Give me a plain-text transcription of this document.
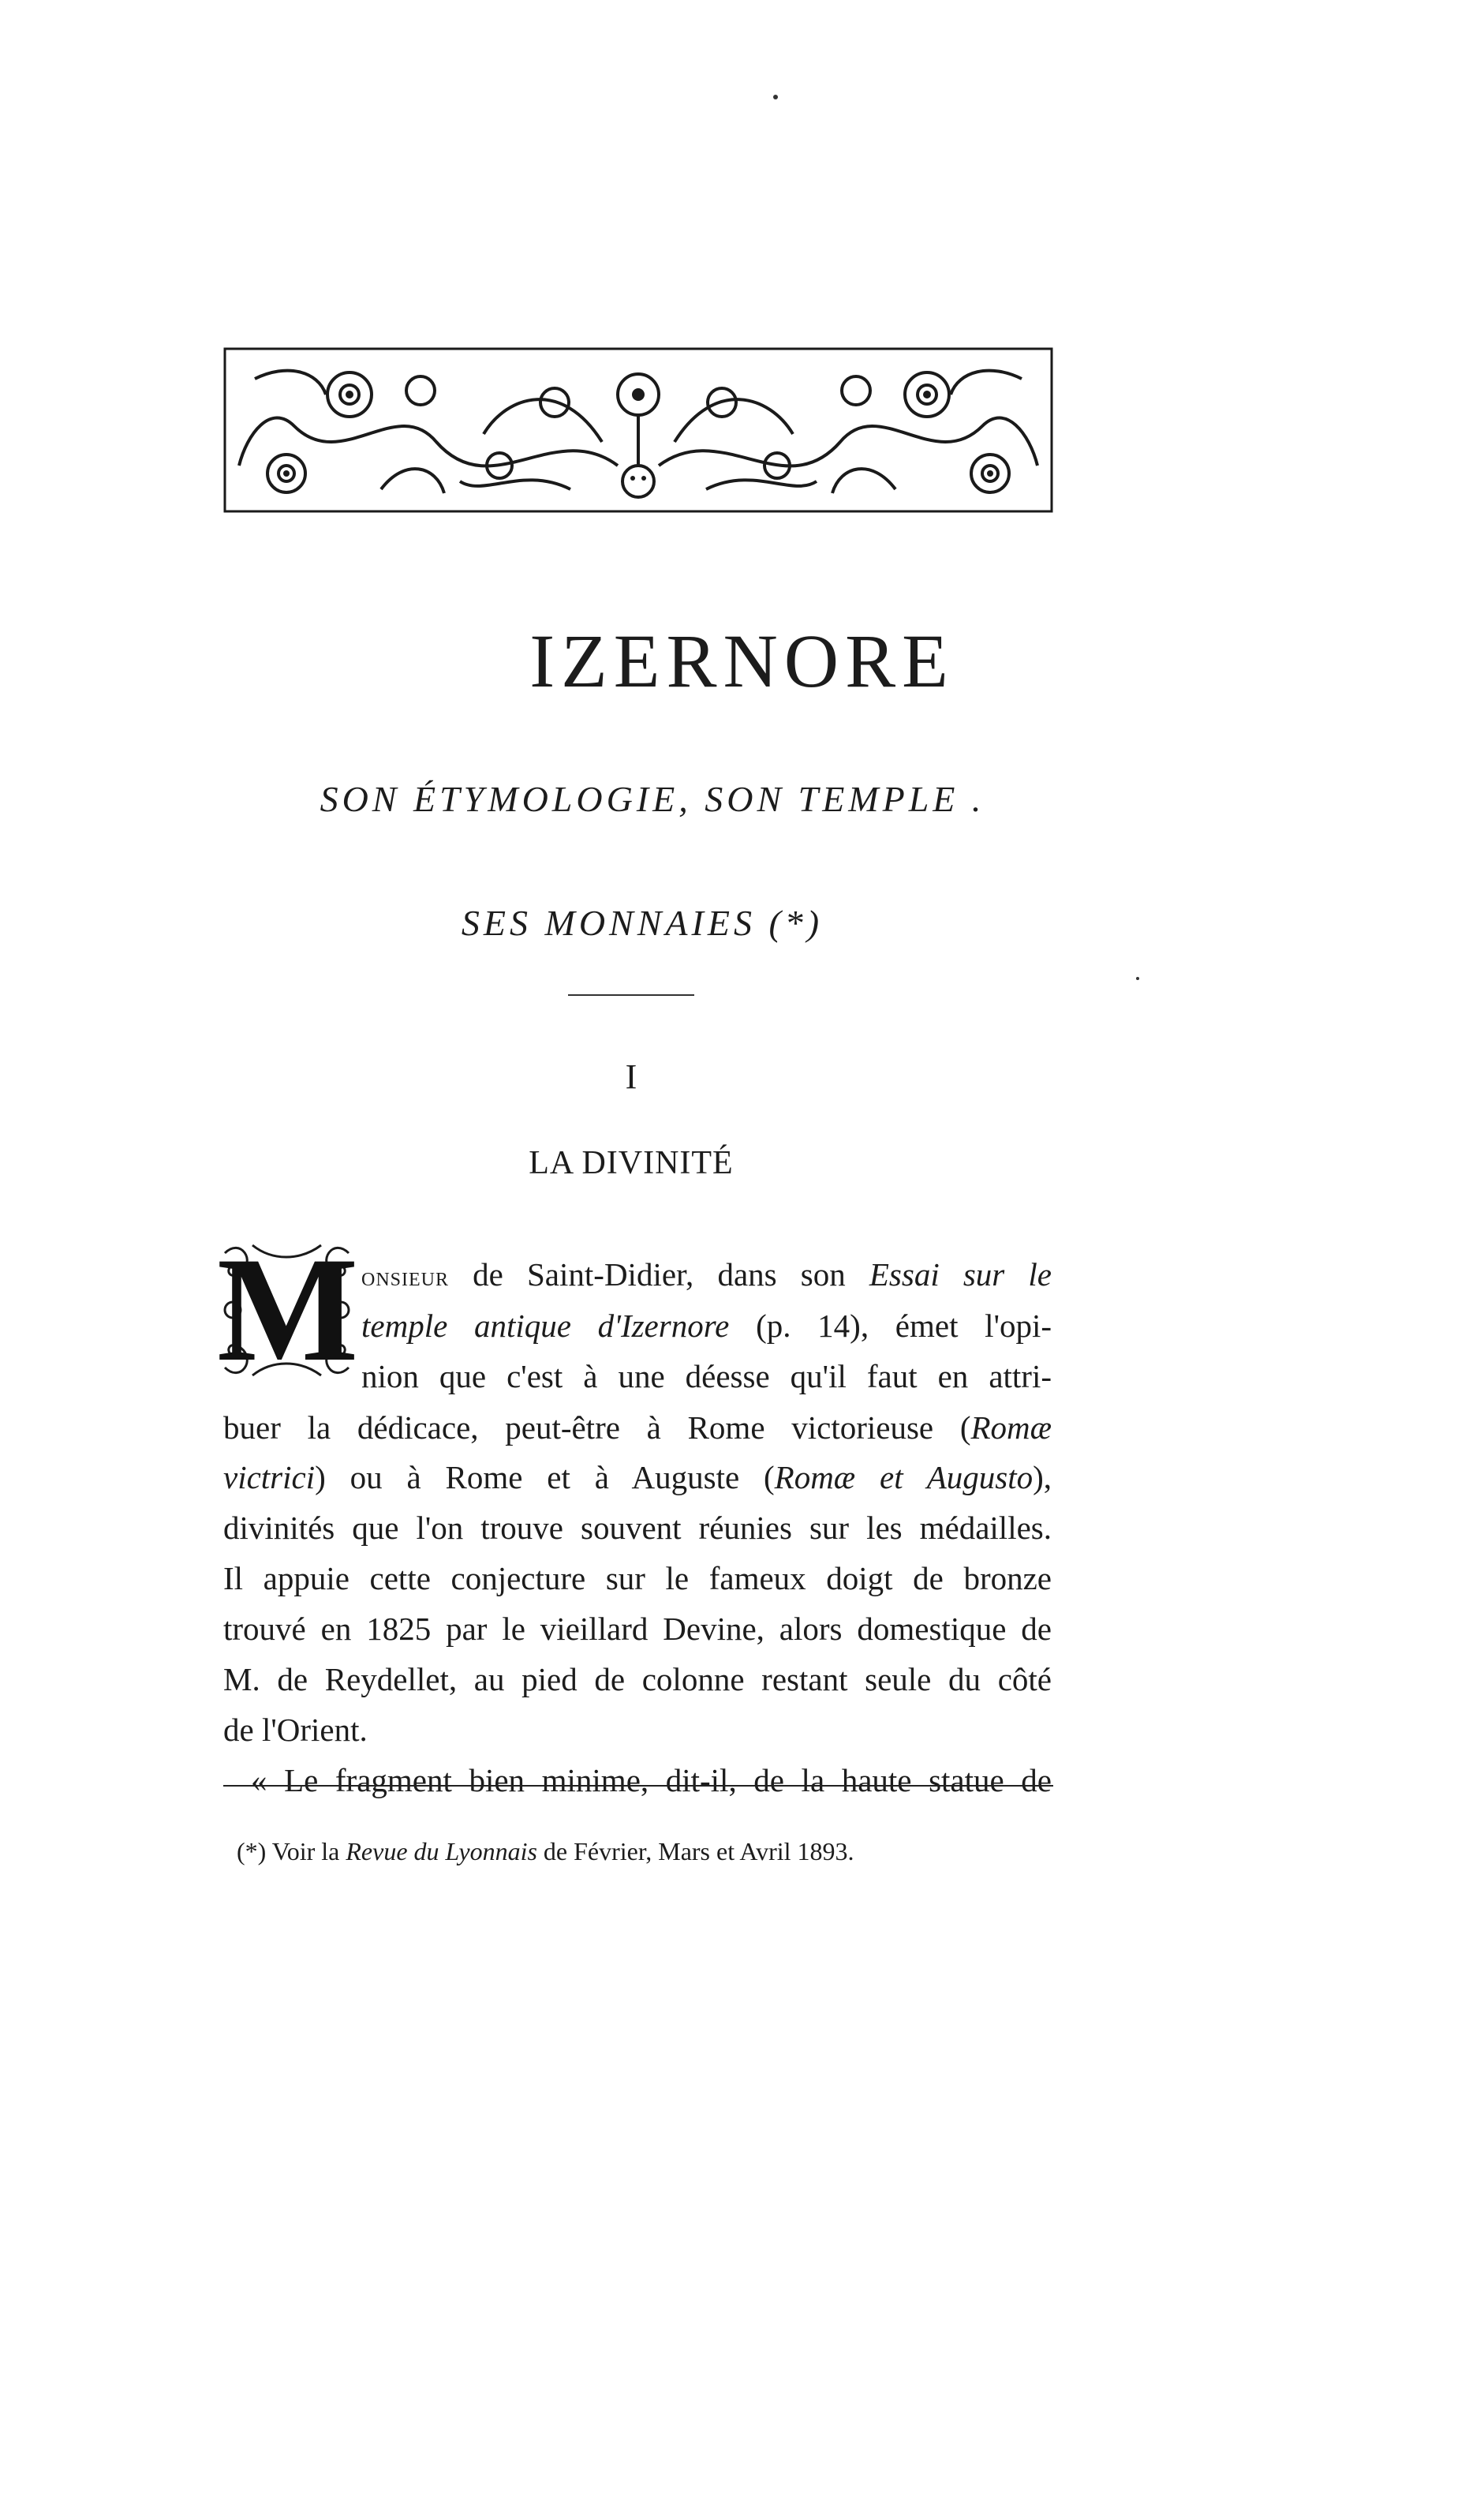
IZERNORE

SON ÉTYMOLOGIE, SON TEMPLE .

SES MONNAIES (*)

I

LA DIVINITÉ

M onsieur de Saint-Didier, dans son Essai sur le
temple antique d'Izernore (p. 14), émet l'opi-
nion que c'est à une déesse qu'il faut en attri-
buer la dédicace, peut-être à Rome victorieuse (Romæ
victrici) ou à Rome et à Auguste (Romæ et Augusto),
divinités que l'on trouve souvent réunies sur les médailles.
Il appuie cette conjecture sur le fameux doigt de bronze
trouvé en 1825 par le vieillard Devine, alors domestique de
M. de Reydellet, au pied de colonne restant seule du côté
de l'Orient.
« Le fragment bien minime, dit-il, de la haute statue de
(*) Voir la Revue du Lyonnais de Février, Mars et Avril 1893.
